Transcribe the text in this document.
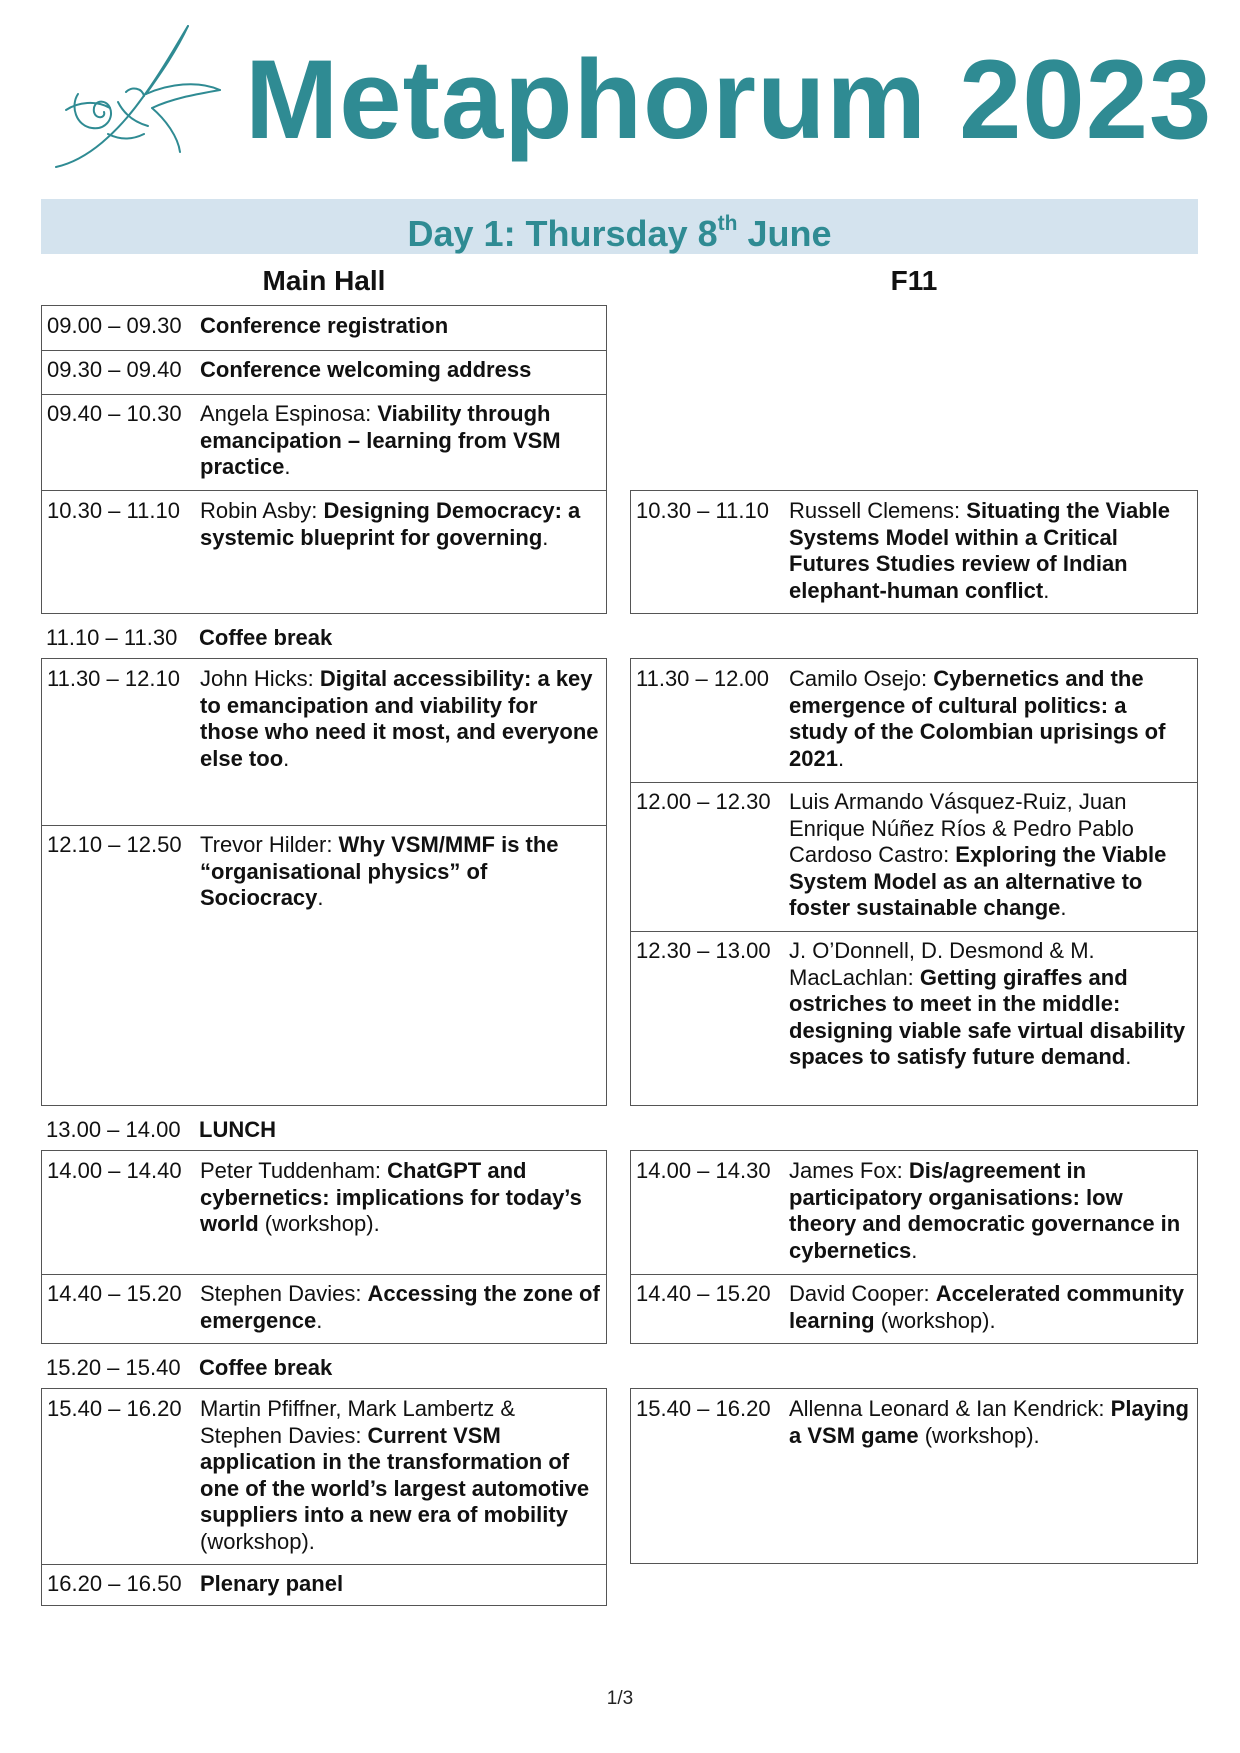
Metaphorum 2023
Day 1: Thursday 8th June
Main Hall	F11
09.00 – 09.30 Conference registration
09.30 – 09.40 Conference welcoming address
09.40 – 10.30 Angela Espinosa: Viability through emancipation – learning from VSM practice.
10.30 – 11.10 Robin Asby: Designing Democracy: a systemic blueprint for governing.
11.10 – 11.30 Coffee break
11.30 – 12.10 John Hicks: Digital accessibility: a key to emancipation and viability for those who need it most, and everyone else too.
12.10 – 12.50 Trevor Hilder: Why VSM/MMF is the “organisational physics” of Sociocracy.
13.00 – 14.00 LUNCH
14.00 – 14.40 Peter Tuddenham: ChatGPT and cybernetics: implications for today’s world (workshop).
14.40 – 15.20 Stephen Davies: Accessing the zone of emergence.
15.20 – 15.40 Coffee break
15.40 – 16.20 Martin Pfiffner, Mark Lambertz & Stephen Davies: Current VSM application in the transformation of one of the world’s largest automotive suppliers into a new era of mobility (workshop).
16.20 – 16.50 Plenary panel
10.30 – 11.10 Russell Clemens: Situating the Viable Systems Model within a Critical Futures Studies review of Indian elephant-human conflict.
11.30 – 12.00 Camilo Osejo: Cybernetics and the emergence of cultural politics: a study of the Colombian uprisings of 2021.
12.00 – 12.30 Luis Armando Vásquez-Ruiz, Juan Enrique Núñez Ríos & Pedro Pablo Cardoso Castro: Exploring the Viable System Model as an alternative to foster sustainable change.
12.30 – 13.00 J. O’Donnell, D. Desmond & M. MacLachlan: Getting giraffes and ostriches to meet in the middle: designing viable safe virtual disability spaces to satisfy future demand.
14.00 – 14.30 James Fox: Dis/agreement in participatory organisations: low theory and democratic governance in cybernetics.
14.40 – 15.20 David Cooper: Accelerated community learning (workshop).
15.40 – 16.20 Allenna Leonard & Ian Kendrick: Playing a VSM game (workshop).
1/3
